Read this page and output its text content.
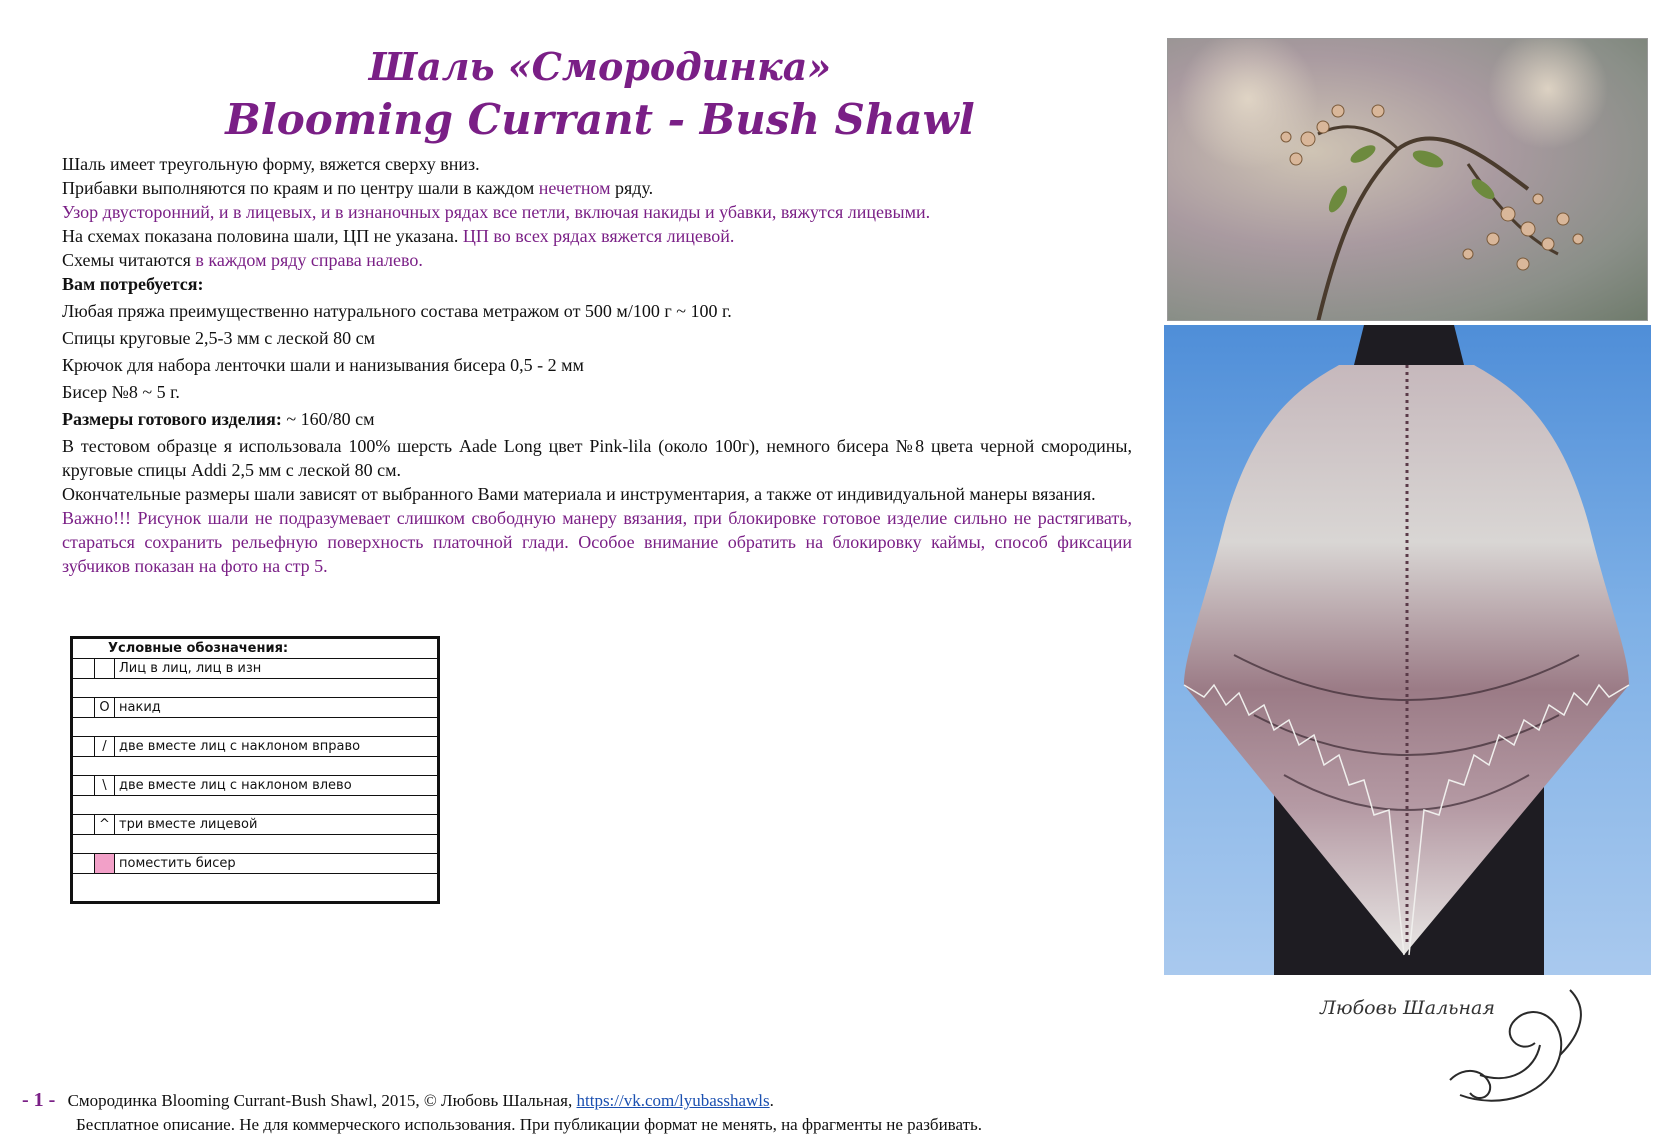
Шаль «Смородинка»
Blooming Currant - Bush Shawl

Шаль имеет треугольную форму, вяжется сверху вниз.

Прибавки выполняются по краям и по центру шали в каждом нечетном ряду.

Узор двусторонний, и в лицевых, и в изнаночных рядах все петли, включая накиды и убавки, вяжутся лицевыми.

На схемах показана половина шали, ЦП не указана. ЦП во всех рядах вяжется лицевой.

Схемы читаются в каждом ряду справа налево.

Вам потребуется:

Любая пряжа преимущественно натурального состава метражом от 500 м/100 г ~ 100 г.

Спицы круговые 2,5-3 мм с леской 80 см

Крючок для набора ленточки шали и нанизывания бисера 0,5 - 2 мм

Бисер №8 ~ 5 г.

Размеры готового изделия: ~ 160/80 см

В тестовом образце я использовала 100% шерсть Aade Long цвет Pink-lila (около 100г), немного бисера №8 цвета черной смородины, круговые спицы Addi 2,5 мм с леской 80 см.

Окончательные размеры шали зависят от выбранного Вами материала и инструментария, а также от индивидуальной манеры вязания.

Важно!!! Рисунок шали не подразумевает слишком свободную манеру вязания, при блокировке готовое изделие сильно не растягивать, стараться сохранить рельефную поверхность платочной глади. Особое внимание обратить на блокировку каймы, способ фиксации зубчиков показан на фото на стр 5.

Условные обозначения:
Лиц в лиц, лиц в изн
O накид
/ две вместе лиц с наклоном вправо
\ две вместе лиц с наклоном влево
^ три вместе лицевой
поместить бисер
Любовь Шальная
- 1 - Смородинка Blooming Currant-Bush Shawl, 2015, © Любовь Шальная, https://vk.com/lyubasshawls.
Бесплатное описание. Не для коммерческого использования. При публикации формат не менять, на фрагменты не разбивать.
